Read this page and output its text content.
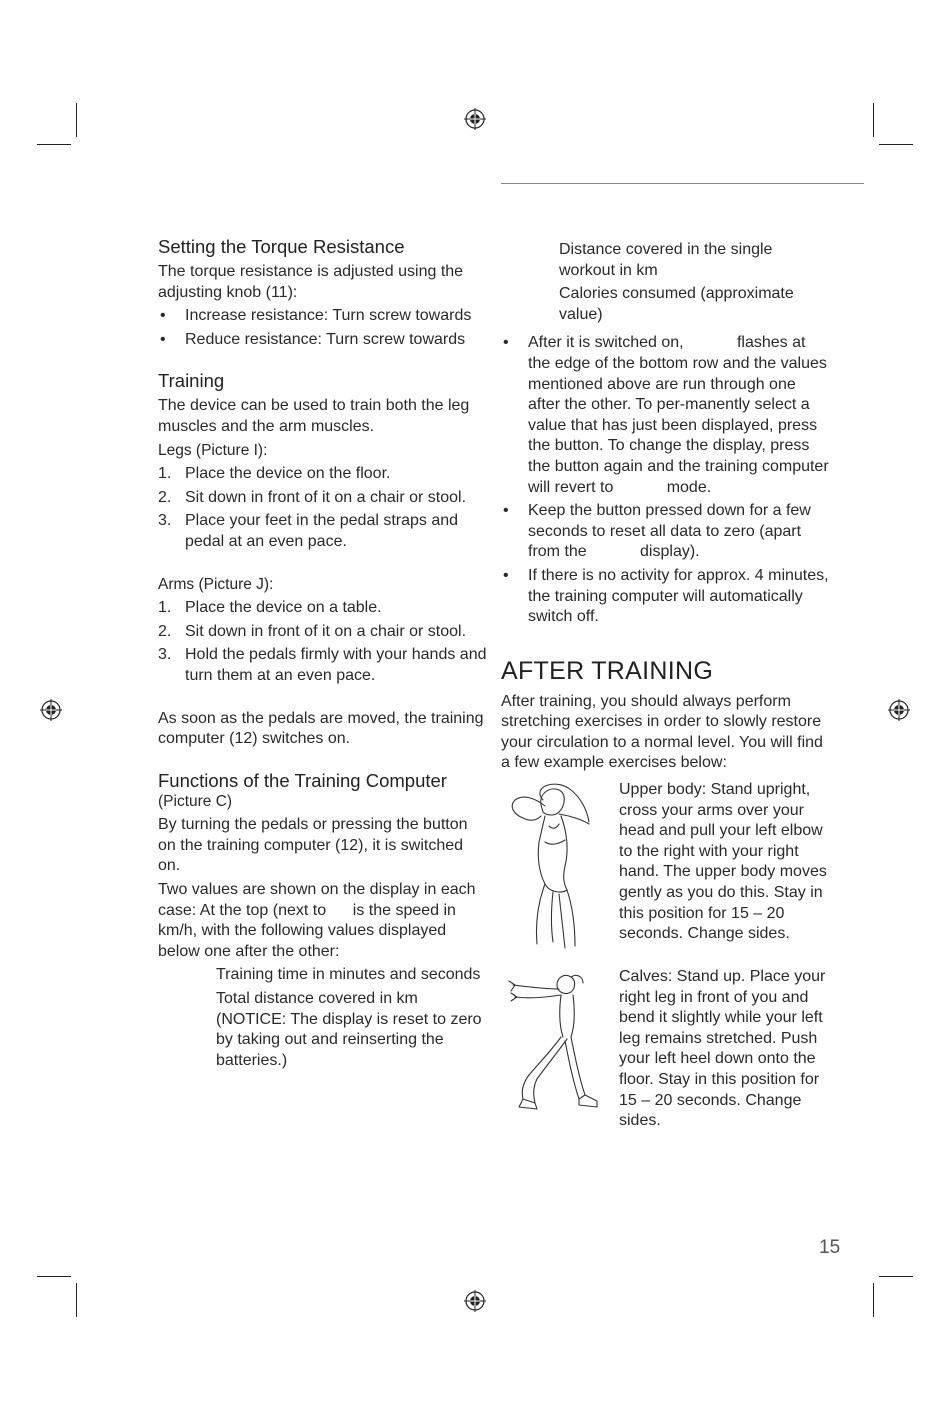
Setting the Torque Resistance

The torque resistance is adjusted using the adjusting knob (11):

• Increase resistance: Turn screw towards
• Reduce resistance: Turn screw towards
Training

The device can be used to train both the leg muscles and the arm muscles.

Legs (Picture I):

1. Place the device on the floor.
2. Sit down in front of it on a chair or stool.
3. Place your feet in the pedal straps and pedal at an even pace.

Arms (Picture J):

1. Place the device on a table.
2. Sit down in front of it on a chair or stool.
3. Hold the pedals firmly with your hands and turn them at an even pace.

As soon as the pedals are moved, the training computer (12) switches on.

Functions of the Training Computer

(Picture C)

By turning the pedals or pressing the button on the training computer (12), it is switched on.

Two values are shown on the display in each case: At the top (next to      is the speed in km/h, with the following values displayed below one after the other:

Training time in minutes and seconds

Total distance covered in km (NOTICE: The display is reset to zero by taking out and reinserting the batteries.)

Distance covered in the single workout in km

Calories consumed (approximate value)

• After it is switched on,            flashes at the edge of the bottom row and the values mentioned above are run through one after the other. To per-manently select a value that has just been displayed, press the button. To change the display, press the button again and the training computer will revert to            mode.
• Keep the button pressed down for a few seconds to reset all data to zero (apart from the            display).
• If there is no activity for approx. 4 minutes, the training computer will automatically switch off.
AFTER TRAINING

After training, you should always perform stretching exercises in order to slowly restore your circulation to a normal level. You will find a few example exercises below:

Upper body: Stand upright, cross your arms over your head and pull your left elbow to the right with your right hand. The upper body moves gently as you do this. Stay in this position for 15 – 20 seconds. Change sides.

Calves: Stand up. Place your right leg in front of you and bend it slightly while your left leg remains stretched. Push your left heel down onto the floor. Stay in this position for 15 – 20 seconds. Change sides.

15
